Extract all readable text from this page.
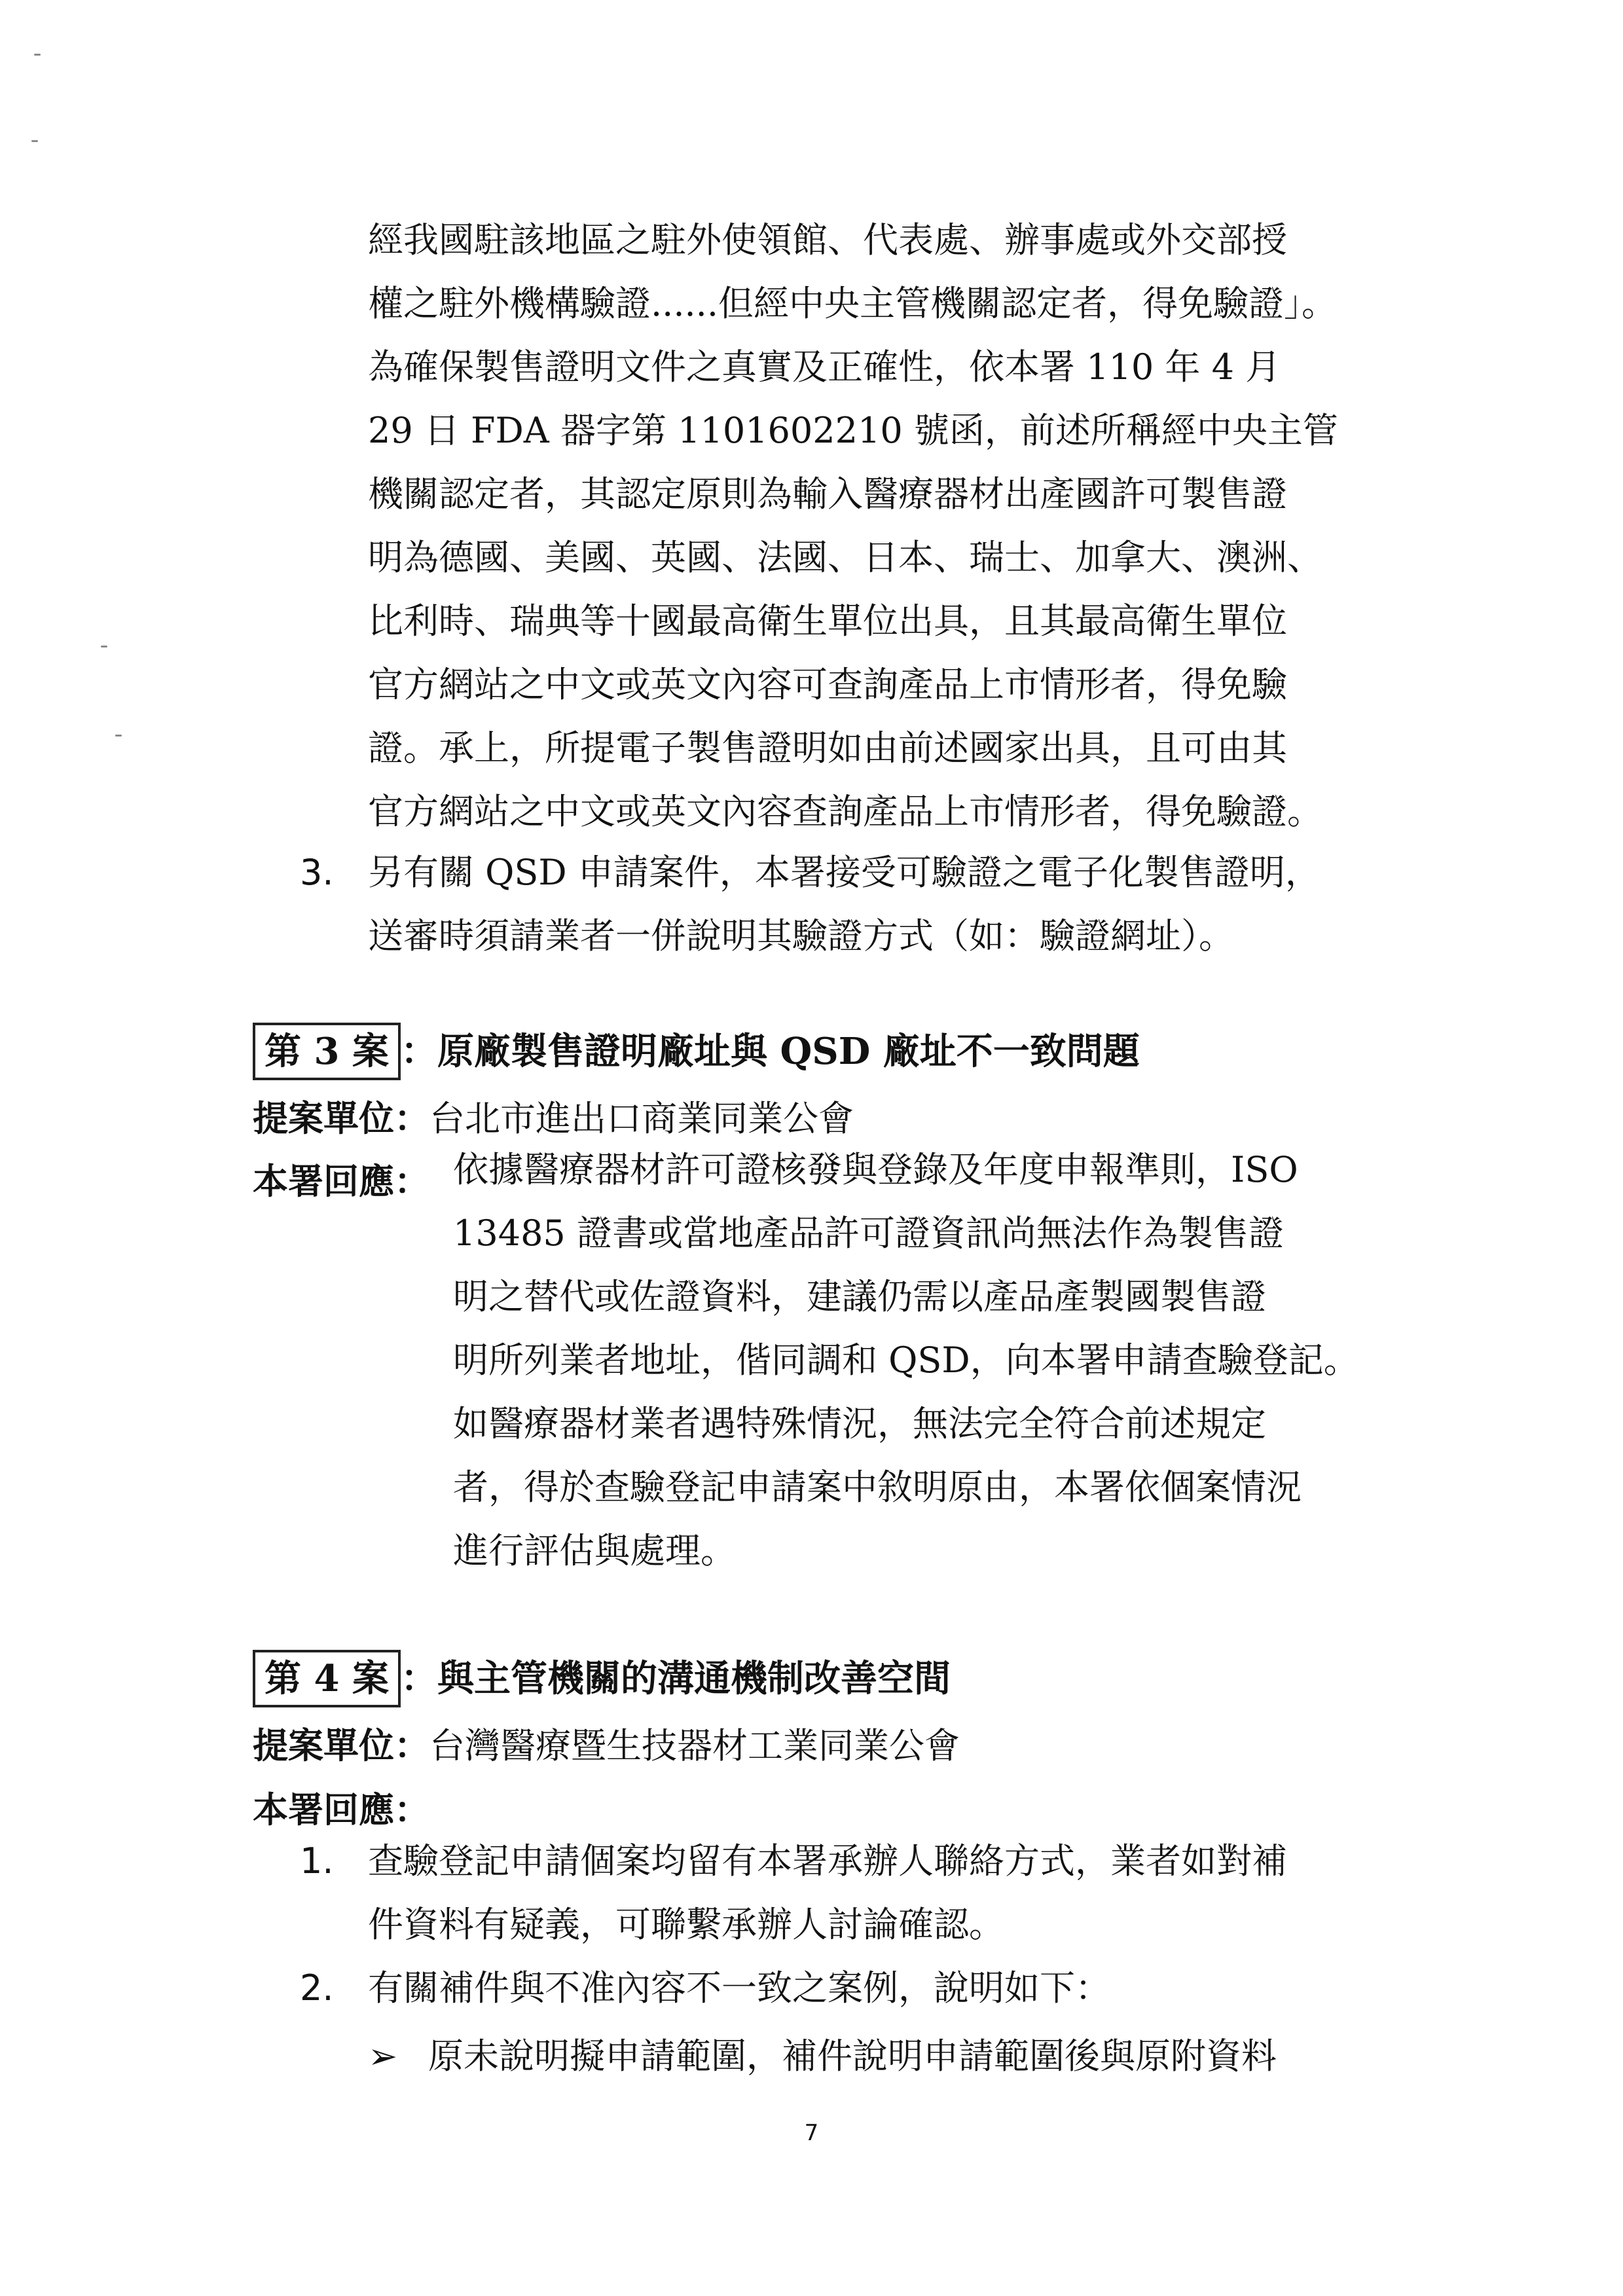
經我國駐該地區之駐外使領館、代表處、辦事處或外交部授
權之駐外機構驗證......但經中央主管機關認定者，得免驗證」。
為確保製售證明文件之真實及正確性，依本署 110 年 4 月
29 日 FDA 器字第 1101602210 號函，前述所稱經中央主管
機關認定者，其認定原則為輸入醫療器材出產國許可製售證
明為德國、美國、英國、法國、日本、瑞士、加拿大、澳洲、
比利時、瑞典等十國最高衛生單位出具，且其最高衛生單位
官方網站之中文或英文內容可查詢產品上市情形者，得免驗
證。承上，所提電子製售證明如由前述國家出具，且可由其
官方網站之中文或英文內容查詢產品上市情形者，得免驗證。
3. 另有關 QSD 申請案件，本署接受可驗證之電子化製售證明，
送審時須請業者一併說明其驗證方式（如：驗證網址）。
第 3 案 ：原廠製售證明廠址與 QSD 廠址不一致問題
提案單位：台北市進出口商業同業公會
本署回應： 依據醫療器材許可證核發與登錄及年度申報準則，ISO
13485 證書或當地產品許可證資訊尚無法作為製售證
明之替代或佐證資料，建議仍需以產品產製國製售證
明所列業者地址，偕同調和 QSD，向本署申請查驗登記。
如醫療器材業者遇特殊情況，無法完全符合前述規定
者，得於查驗登記申請案中敘明原由，本署依個案情況
進行評估與處理。
第 4 案 ：與主管機關的溝通機制改善空間
提案單位：台灣醫療暨生技器材工業同業公會
本署回應：
1. 查驗登記申請個案均留有本署承辦人聯絡方式，業者如對補
件資料有疑義，可聯繫承辦人討論確認。
2. 有關補件與不准內容不一致之案例，說明如下：
➢ 原未說明擬申請範圍，補件說明申請範圍後與原附資料
7
